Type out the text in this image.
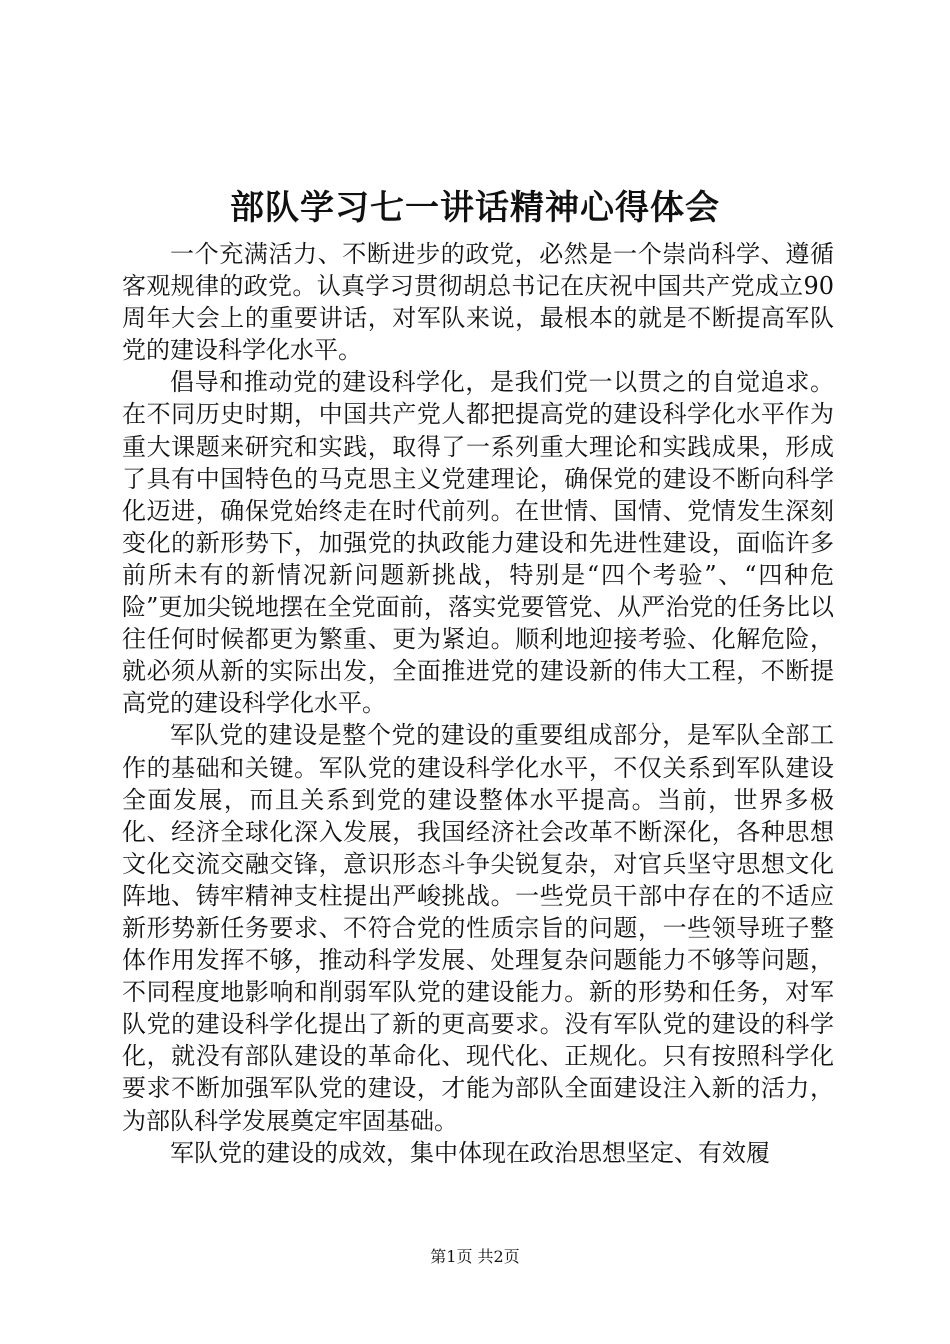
部队学习七一讲话精神心得体会

一个充满活力、不断进步的政党，必然是一个崇尚科学、遵循客观规律的政党。认真学习贯彻胡总书记在庆祝中国共产党成立90周年大会上的重要讲话，对军队来说，最根本的就是不断提高军队党的建设科学化水平。

倡导和推动党的建设科学化，是我们党一以贯之的自觉追求。在不同历史时期，中国共产党人都把提高党的建设科学化水平作为重大课题来研究和实践，取得了一系列重大理论和实践成果，形成了具有中国特色的马克思主义党建理论，确保党的建设不断向科学化迈进，确保党始终走在时代前列。在世情、国情、党情发生深刻变化的新形势下，加强党的执政能力建设和先进性建设，面临许多前所未有的新情况新问题新挑战，特别是“四个考验”、“四种危险”更加尖锐地摆在全党面前，落实党要管党、从严治党的任务比以往任何时候都更为繁重、更为紧迫。顺利地迎接考验、化解危险，就必须从新的实际出发，全面推进党的建设新的伟大工程，不断提高党的建设科学化水平。

军队党的建设是整个党的建设的重要组成部分，是军队全部工作的基础和关键。军队党的建设科学化水平，不仅关系到军队建设全面发展，而且关系到党的建设整体水平提高。当前，世界多极化、经济全球化深入发展，我国经济社会改革不断深化，各种思想文化交流交融交锋，意识形态斗争尖锐复杂，对官兵坚守思想文化阵地、铸牢精神支柱提出严峻挑战。一些党员干部中存在的不适应新形势新任务要求、不符合党的性质宗旨的问题，一些领导班子整体作用发挥不够，推动科学发展、处理复杂问题能力不够等问题，不同程度地影响和削弱军队党的建设能力。新的形势和任务，对军队党的建设科学化提出了新的更高要求。没有军队党的建设的科学化，就没有部队建设的革命化、现代化、正规化。只有按照科学化要求不断加强军队党的建设，才能为部队全面建设注入新的活力，为部队科学发展奠定牢固基础。

军队党的建设的成效，集中体现在政治思想坚定、有效履

第1页 共2页
